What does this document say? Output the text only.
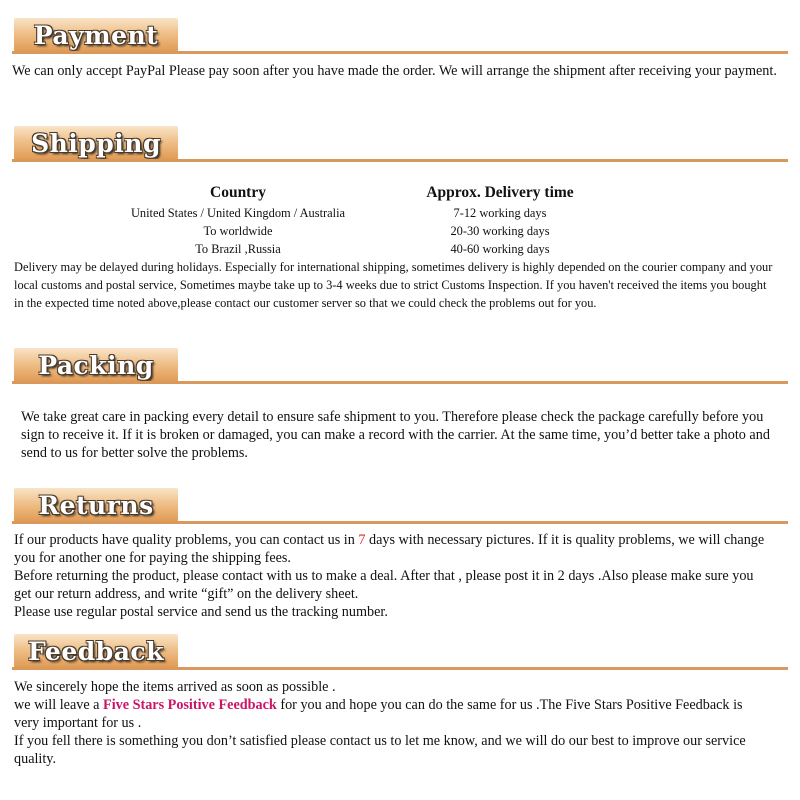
Payment
We can only accept PayPal Please pay soon after you have made the order. We will arrange the shipment after receiving your payment.
Shipping
Country	Approx. Delivery time
United States / United Kingdom / Australia	7-12 working days
To worldwide	20-30 working days
To Brazil ,Russia	40-60 working days
Delivery may be delayed during holidays. Especially for international shipping, sometimes delivery is highly depended on the courier company and your local customs and postal service, Sometimes maybe take up to 3-4 weeks due to strict Customs Inspection. If you haven't received the items you bought in the expected time noted above,please contact our customer server so that we could check the problems out for you.
Packing
We take great care in packing every detail to ensure safe shipment to you. Therefore please check the package carefully before you sign to receive it. If it is broken or damaged, you can make a record with the carrier. At the same time, you’d better take a photo and send to us for better solve the problems.
Returns
If our products have quality problems, you can contact us in 7 days with necessary pictures. If it is quality problems, we will change you for another one for paying the shipping fees.
Before returning the product, please contact with us to make a deal. After that , please post it in 2 days .Also please make sure you get our return address, and write “gift” on the delivery sheet.
Please use regular postal service and send us the tracking number.
Feedback
We sincerely hope the items arrived as soon as possible .
we will leave a Five Stars Positive Feedback for you and hope you can do the same for us .The Five Stars Positive Feedback is very important for us .
If you fell there is something you don’t satisfied please contact us to let me know, and we will do our best to improve our service quality.
